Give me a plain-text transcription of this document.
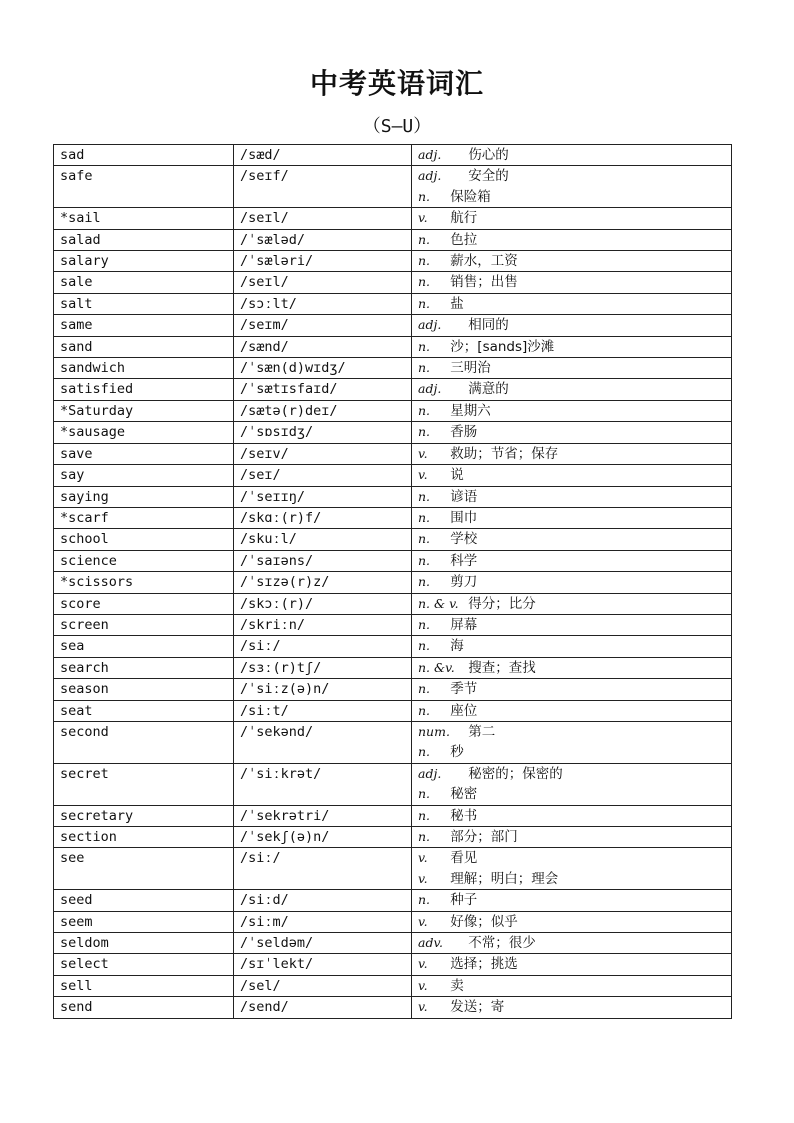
中考英语词汇
（S—U）
sad	/sæd/	adj. 伤心的

safe	/seɪf/	adj. 安全的
n. 保险箱

*sail	/seɪl/	v. 航行

salad	/ˈsæləd/	n. 色拉

salary	/ˈsæləri/	n. 薪水，工资

sale	/seɪl/	n. 销售；出售

salt	/sɔːlt/	n. 盐

same	/seɪm/	adj. 相同的

sand	/sænd/	n. 沙；[sands]沙滩

sandwich	/ˈsæn(d)wɪdʒ/	n. 三明治

satisfied	/ˈsætɪsfaɪd/	adj. 满意的

*Saturday	/sætə(r)deɪ/	n. 星期六

*sausage	/ˈsɒsɪdʒ/	n. 香肠

save	/seɪv/	v. 救助；节省；保存

say	/seɪ/	v. 说

saying	/ˈseɪɪŋ/	n. 谚语

*scarf	/skɑː(r)f/	n. 围巾

school	/skuːl/	n. 学校

science	/ˈsaɪəns/	n. 科学

*scissors	/ˈsɪzə(r)z/	n. 剪刀

score	/skɔː(r)/	n. & v. 得分；比分

screen	/skriːn/	n. 屏幕

sea	/siː/	n. 海

search	/sɜː(r)tʃ/	n. &v. 搜查；查找

season	/ˈsiːz(ə)n/	n. 季节

seat	/siːt/	n. 座位

second	/ˈsekənd/	num. 第二
n. 秒

secret	/ˈsiːkrət/	adj. 秘密的；保密的
n. 秘密

secretary	/ˈsekrətri/	n. 秘书

section	/ˈsekʃ(ə)n/	n. 部分；部门

see	/siː/	v. 看见
v. 理解；明白；理会

seed	/siːd/	n. 种子

seem	/siːm/	v. 好像；似乎

seldom	/ˈseldəm/	adv. 不常；很少

select	/sɪˈlekt/	v. 选择；挑选

sell	/sel/	v. 卖

send	/send/	v. 发送；寄
